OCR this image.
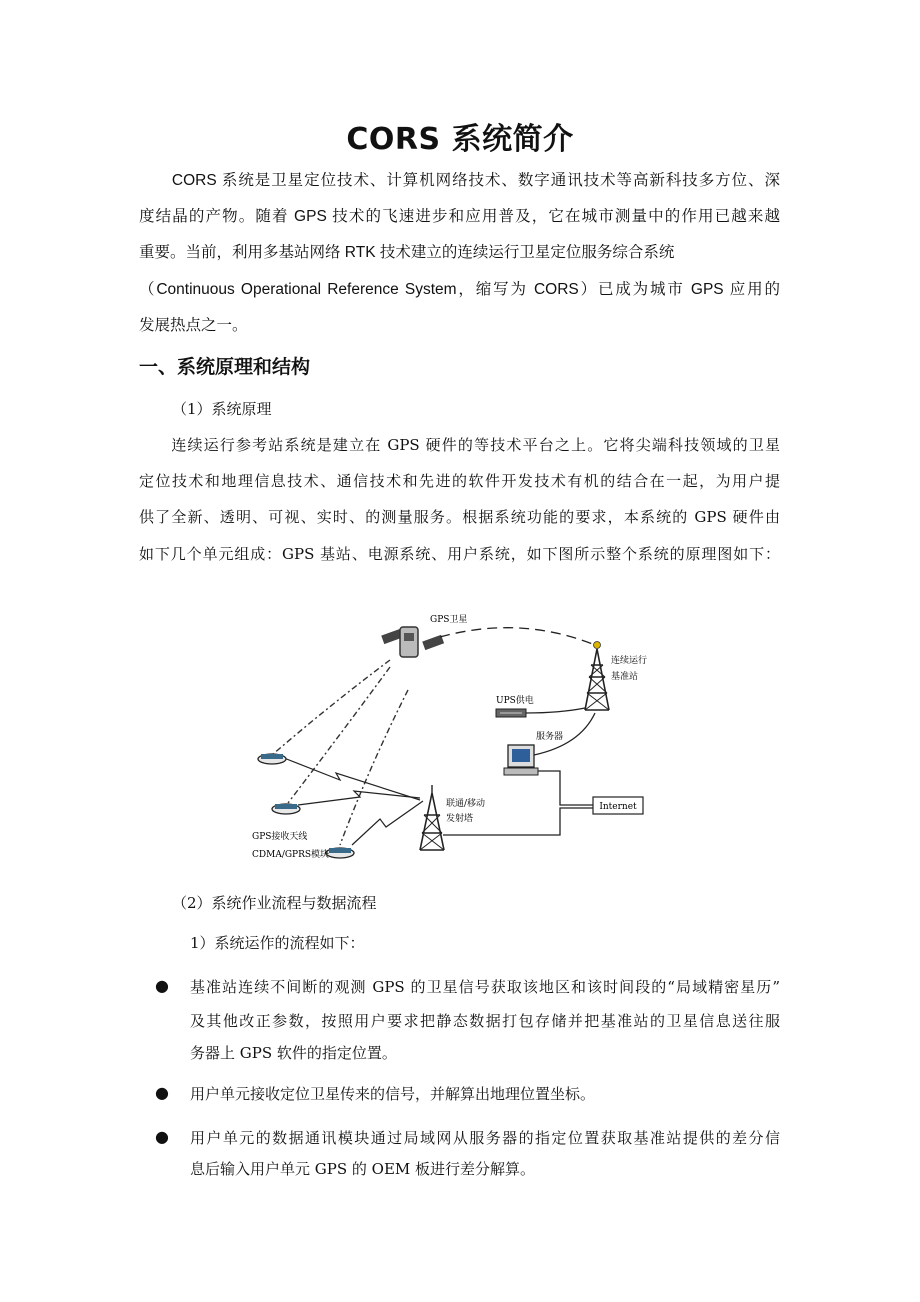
CORS 系统简介
　　CORS 系统是卫星定位技术、计算机网络技术、数字通讯技术等高新科技多方位、深
度结晶的产物。随着 GPS 技术的飞速进步和应用普及，它在城市测量中的作用已越来越
重要。当前，利用多基站网络 RTK 技术建立的连续运行卫星定位服务综合系统
（Continuous Operational Reference System，缩写为 CORS）已成为城市 GPS 应用的
发展热点之一。
一、系统原理和结构
（1）系统原理
　　连续运行参考站系统是建立在 GPS 硬件的等技术平台之上。它将尖端科技领域的卫星
定位技术和地理信息技术、通信技术和先进的软件开发技术有机的结合在一起，为用户提
供了全新、透明、可视、实时、的测量服务。根据系统功能的要求，本系统的 GPS 硬件由
如下几个单元组成：GPS 基站、电源系统、用户系统，如下图所示整个系统的原理图如下：
GPS卫星
连续运行
基准站
UPS供电
服务器
Internet
联通/移动
发射塔
GPS接收天线
CDMA/GPRS模块
（2）系统作业流程与数据流程
1）系统运作的流程如下：
● 基准站连续不间断的观测 GPS 的卫星信号获取该地区和该时间段的“局域精密星历”
及其他改正参数，按照用户要求把静态数据打包存储并把基准站的卫星信息送往服
务器上 GPS 软件的指定位置。
● 用户单元接收定位卫星传来的信号，并解算出地理位置坐标。
● 用户单元的数据通讯模块通过局域网从服务器的指定位置获取基准站提供的差分信
息后输入用户单元 GPS 的 OEM 板进行差分解算。
